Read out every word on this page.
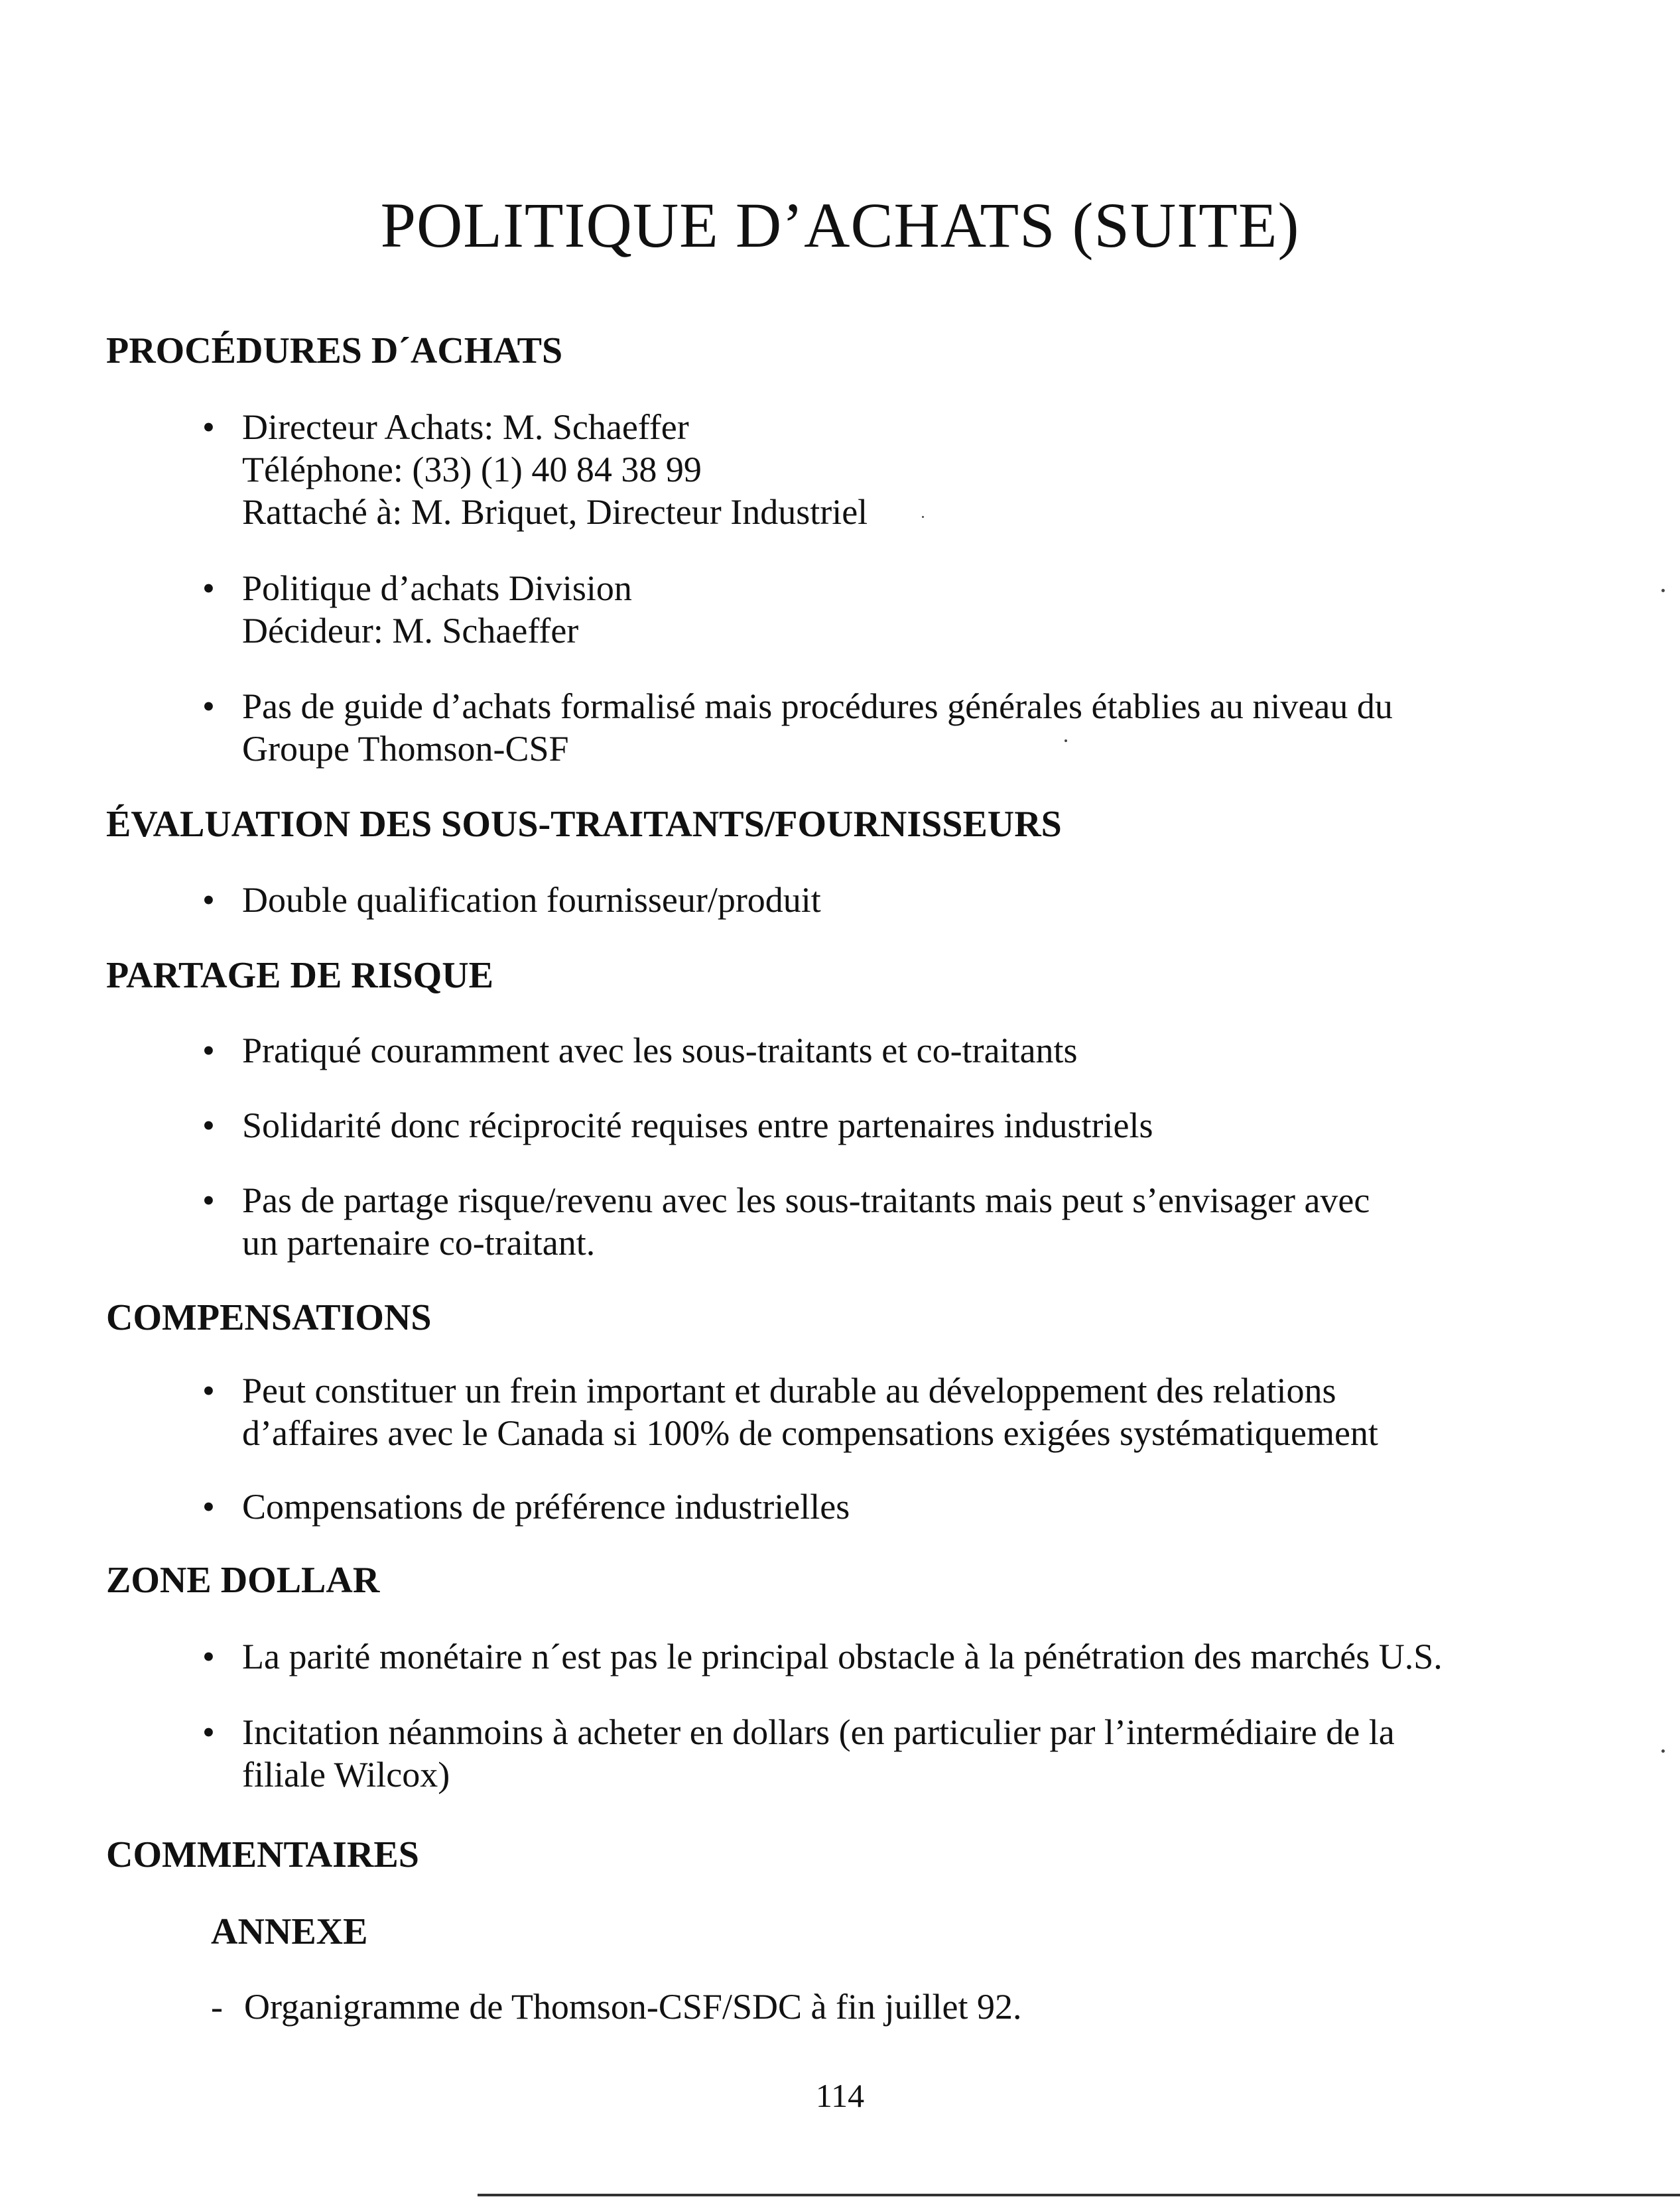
POLITIQUE D’ACHATS (SUITE)
PROCÉDURES D´ACHATS
• Directeur Achats: M. Schaeffer
Téléphone: (33) (1) 40 84 38 99
Rattaché à: M. Briquet, Directeur Industriel
• Politique d’achats Division
Décideur: M. Schaeffer
• Pas de guide d’achats formalisé mais procédures générales établies au niveau du
Groupe Thomson-CSF
ÉVALUATION DES SOUS-TRAITANTS/FOURNISSEURS
• Double qualification fournisseur/produit
PARTAGE DE RISQUE
• Pratiqué couramment avec les sous-traitants et co-traitants
• Solidarité donc réciprocité requises entre partenaires industriels
• Pas de partage risque/revenu avec les sous-traitants mais peut s’envisager avec
un partenaire co-traitant.
COMPENSATIONS
• Peut constituer un frein important et durable au développement des relations
d’affaires avec le Canada si 100% de compensations exigées systématiquement
• Compensations de préférence industrielles
ZONE DOLLAR
• La parité monétaire n´est pas le principal obstacle à la pénétration des marchés U.S.
• Incitation néanmoins à acheter en dollars (en particulier par l’intermédiaire de la
filiale Wilcox)
COMMENTAIRES
ANNEXE
- Organigramme de Thomson-CSF/SDC à fin juillet 92.
114
